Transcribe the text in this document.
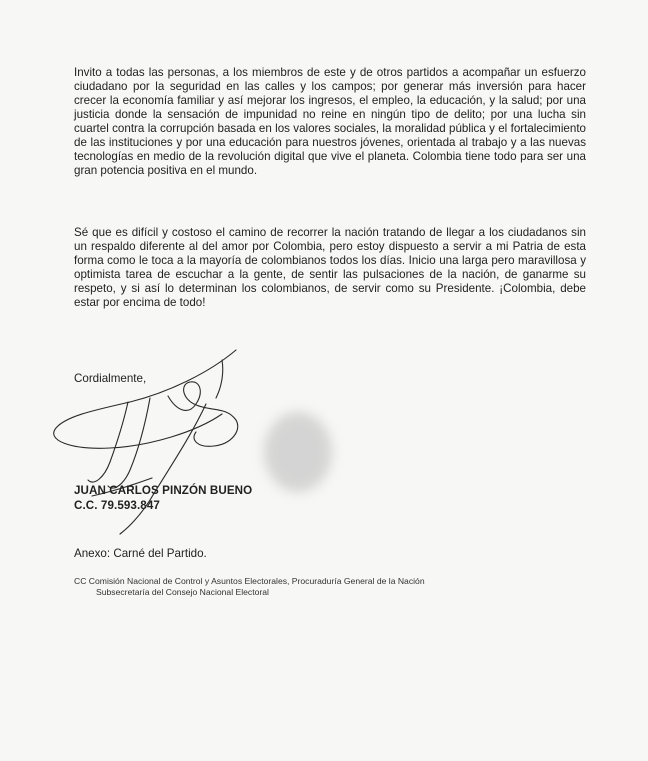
Invito a todas las personas, a los miembros de este y de otros partidos a acompañar un esfuerzo ciudadano por la seguridad en las calles y los campos; por generar más inversión para hacer crecer la economía familiar y así mejorar los ingresos, el empleo, la educación, y la salud; por una justicia donde la sensación de impunidad no reine en ningún tipo de delito; por una lucha sin cuartel contra la corrupción basada en los valores sociales, la moralidad pública y el fortalecimiento de las instituciones y por una educación para nuestros jóvenes, orientada al trabajo y a las nuevas tecnologías en medio de la revolución digital que vive el planeta. Colombia tiene todo para ser una gran potencia positiva en el mundo.

Sé que es difícil y costoso el camino de recorrer la nación tratando de llegar a los ciudadanos sin un respaldo diferente al del amor por Colombia, pero estoy dispuesto a servir a mi Patria de esta forma como le toca a la mayoría de colombianos todos los días. Inicio una larga pero maravillosa y optimista tarea de escuchar a la gente, de sentir las pulsaciones de la nación, de ganarme su respeto, y si así lo determinan los colombianos, de servir como su Presidente. ¡Colombia, debe estar por encima de todo!

Cordialmente,
JUAN CARLOS PINZÓN BUENO
C.C. 79.593.847
Anexo: Carné del Partido.
CC Comisión Nacional de Control y Asuntos Electorales, Procuraduría General de la Nación
Subsecretaría del Consejo Nacional Electoral
